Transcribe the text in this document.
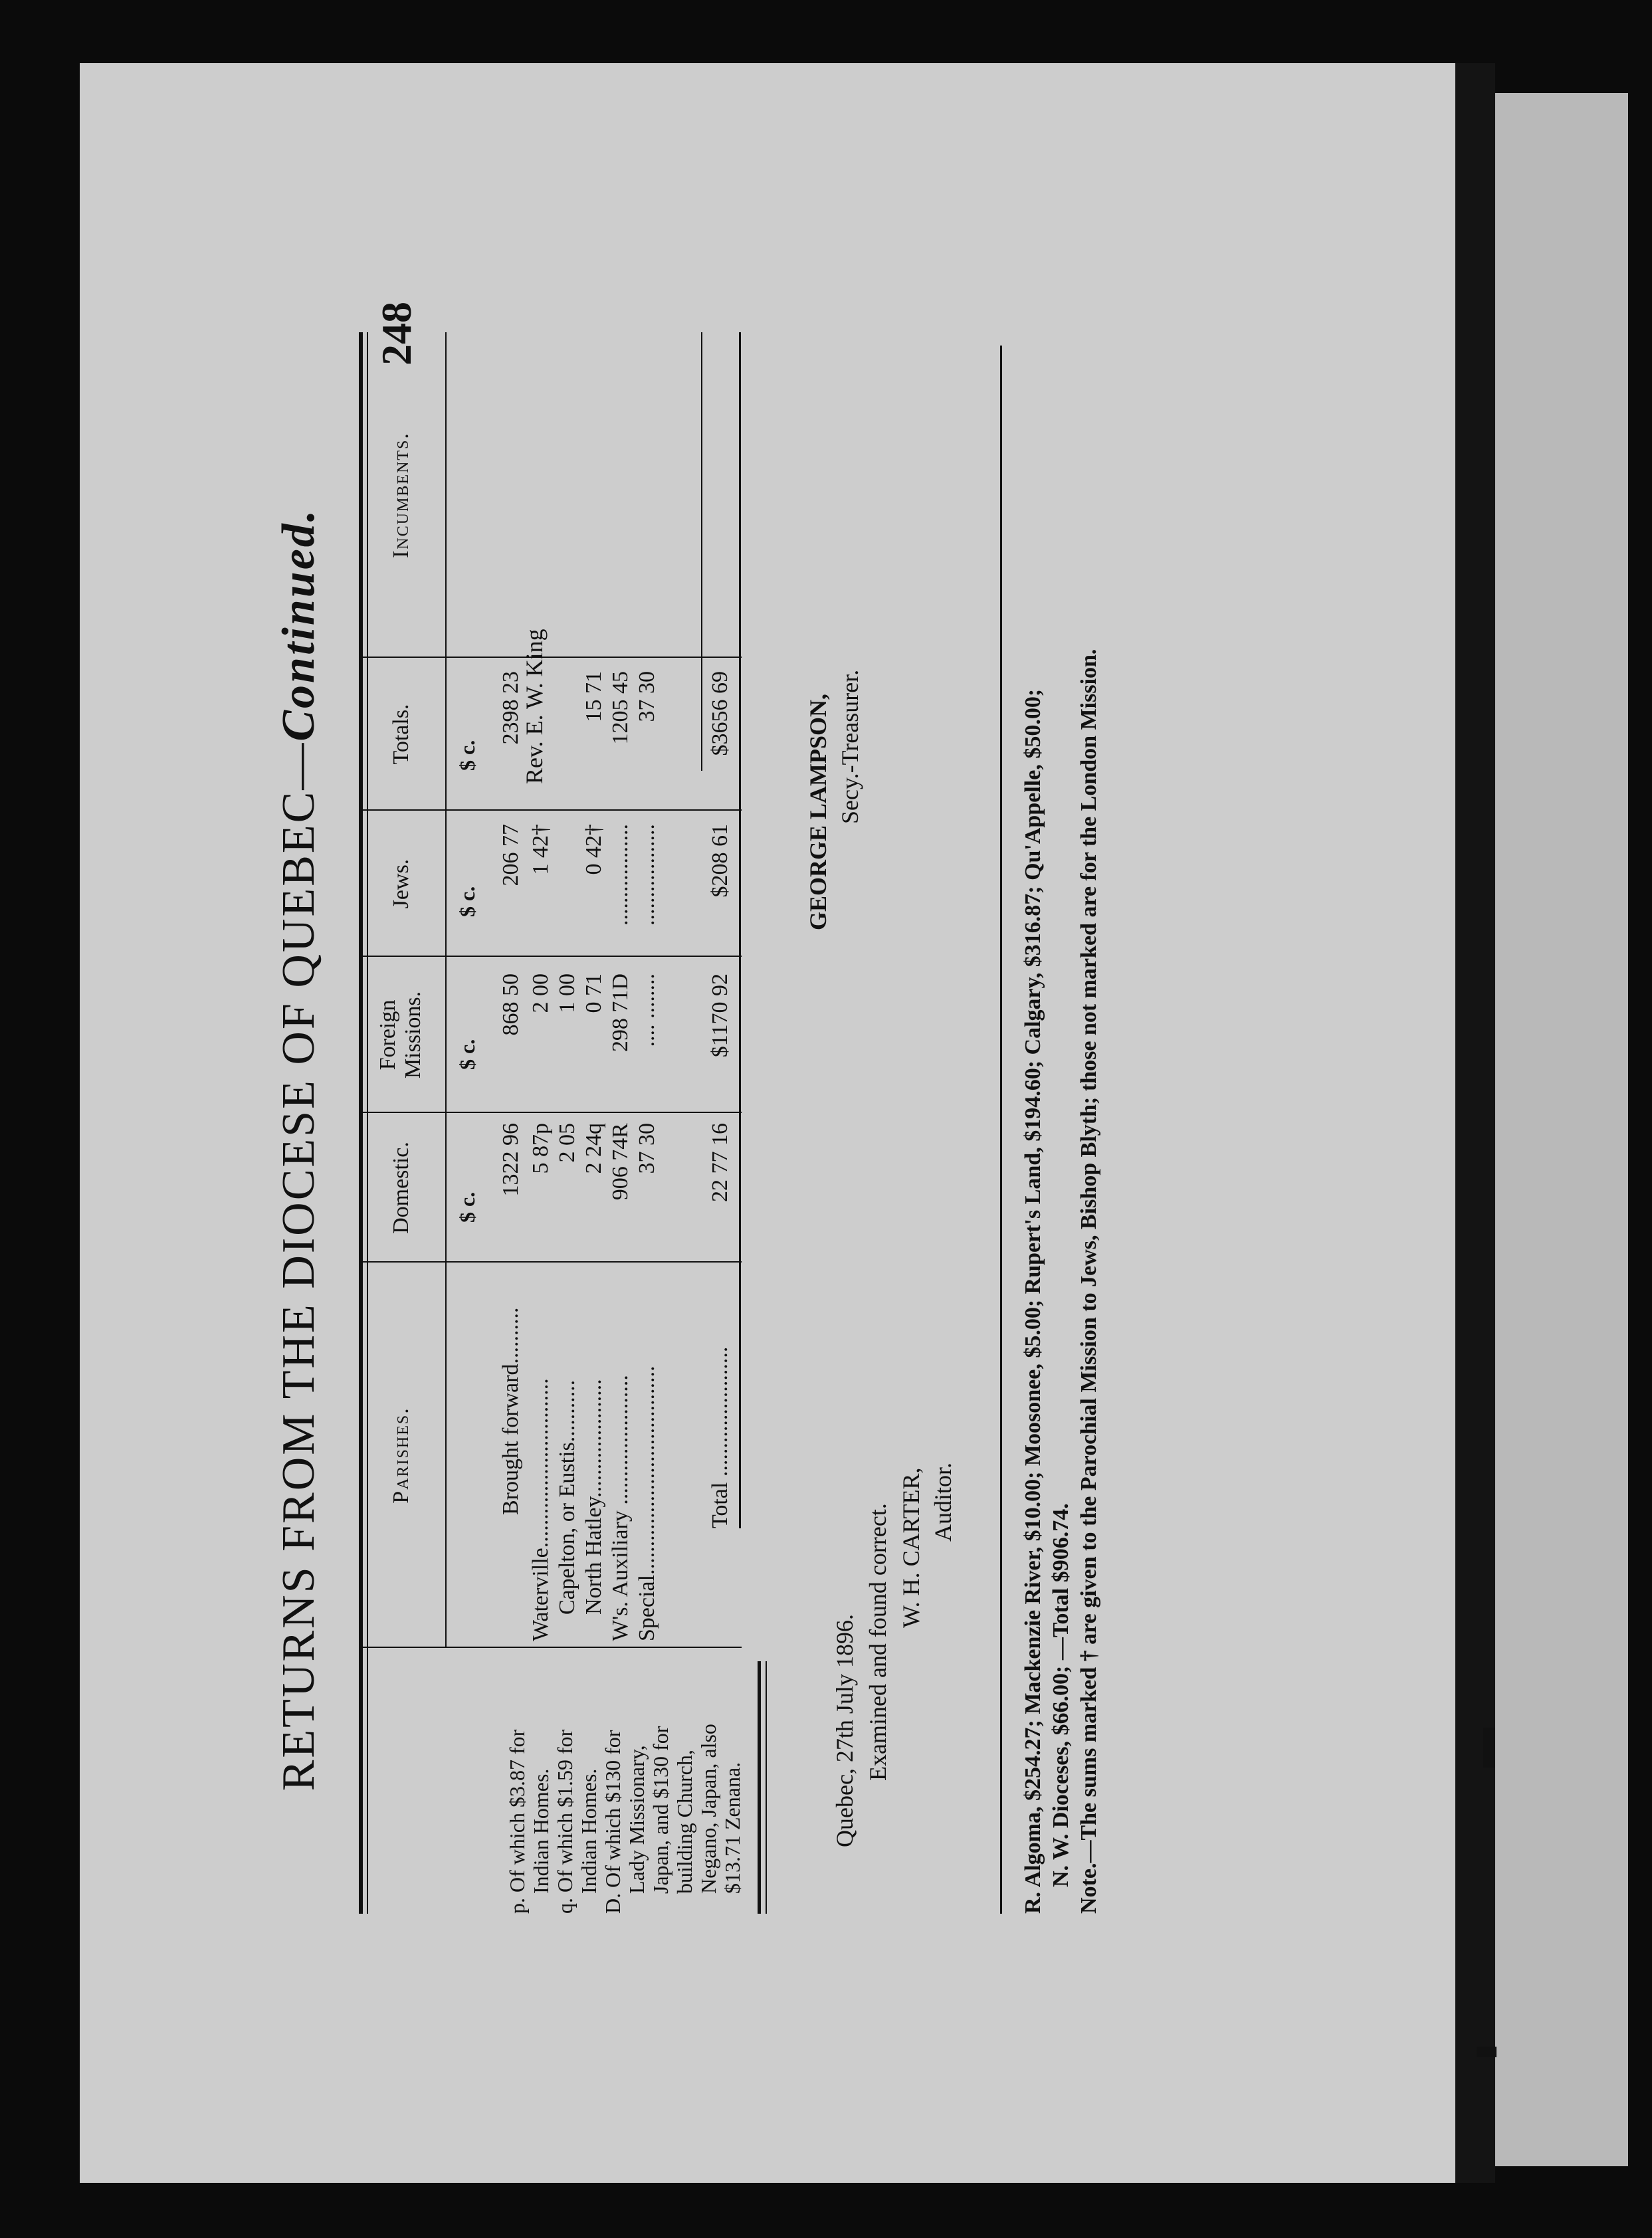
248
RETURNS FROM THE DIOCESE OF QUEBEC—Continued.
Parishes.
Domestic.
Foreign Missions.
Jews.
Totals.
Incumbents.
$ c.
$ c.
$ c.
$ c.
p. Of which $3.87 for Indian Homes. q. Of which $1.59 for Indian Homes. D. Of which $130 for Lady Missionary, Japan, and $130 for building Church, Negano, Japan, also $13.71 Zenana.
Brought forward..........
1322 96
868 50
206 77
2398 23
Waterville..............................
5 87p
2 00
1 42†
Capelton, or Eustis...........
2 05
1 00
North Hatley.....................
2 24q
0 71
0 42†
15 71
Rev. E. W. King
W's. Auxiliary .......................
906 74R
298 71D
..................
1205 45
Special.....................................
37 30
.... ........
..................
37 30
Total .......................
22 77 16
$1170 92
$208 61
$3656 69
Quebec, 27th July 1896. Examined and found correct. W. H. CARTER, Auditor.
GEORGE LAMPSON, Secy.-Treasurer.	R. Algoma, $254.27; Mackenzie River, $10.00; Moosonee, $5.00; Rupert's Land, $194.60; Calgary, $316.87; Qu'Appelle, $50.00; N. W. Dioceses, $66.00; —Total $906.74. Note.—The sums marked † are given to the Parochial Mission to Jews, Bishop Blyth; those not marked are for the London Mission.
